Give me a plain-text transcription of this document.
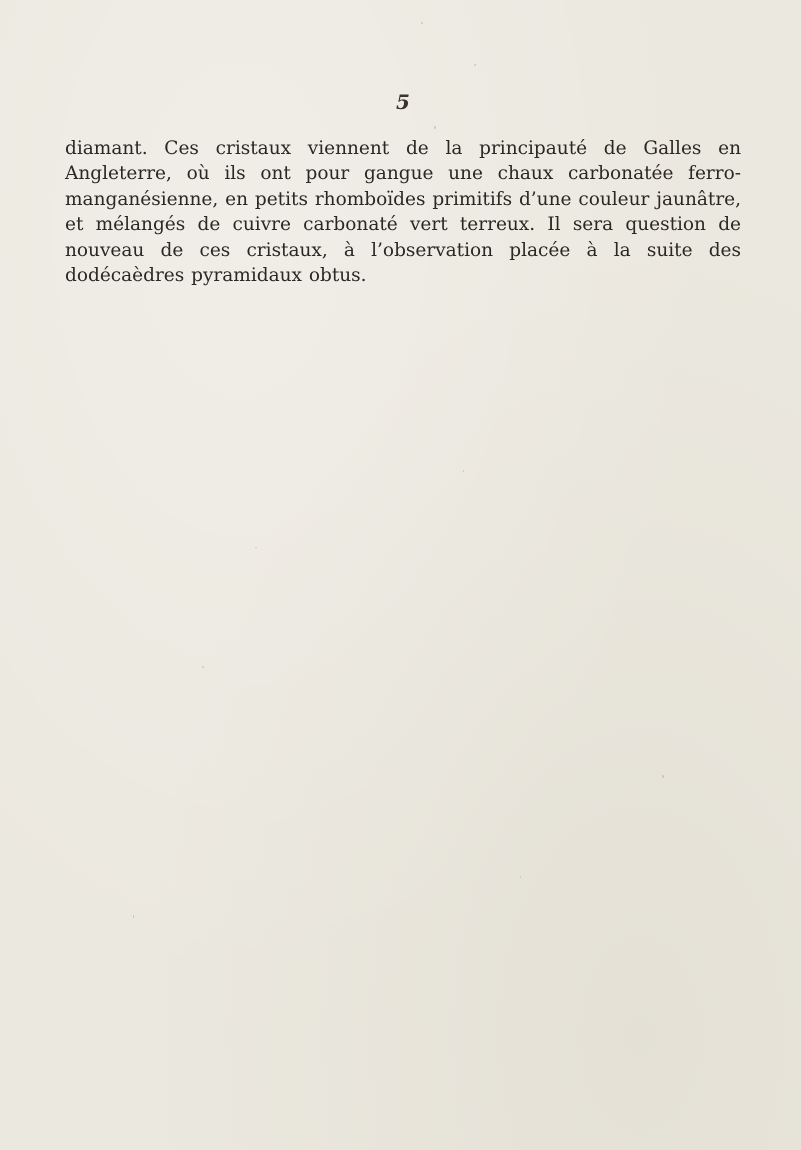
5

diamant. Ces cristaux viennent de la principauté de Galles en Angleterre, où ils ont pour gangue une chaux carbonatée ferro-manganésienne, en petits rhomboïdes primitifs d’une couleur jaunâtre, et mélangés de cuivre carbonaté vert terreux. Il sera question de nouveau de ces cristaux, à l’observation placée à la suite des dodécaèdres pyramidaux obtus.
